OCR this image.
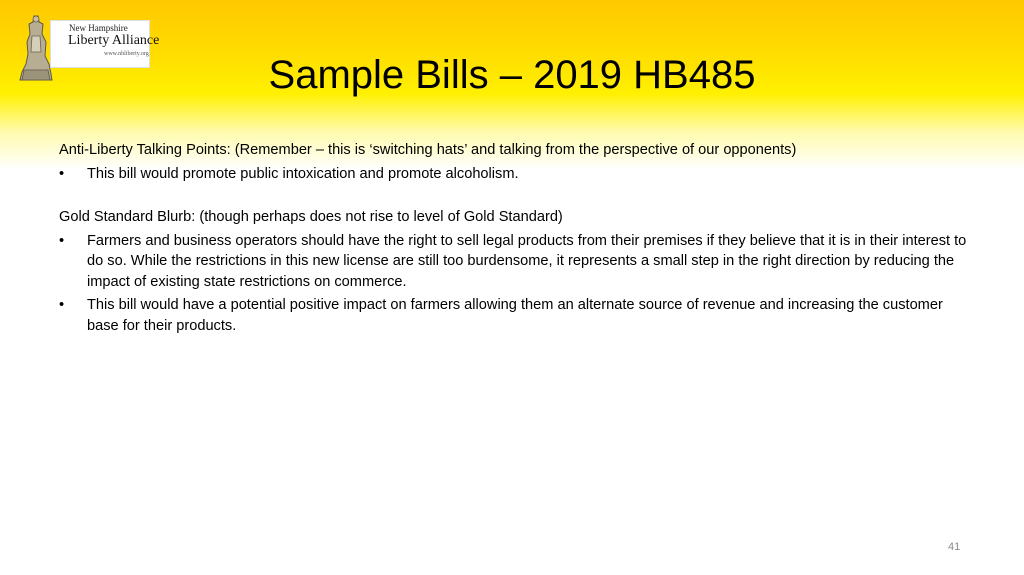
New Hampshire
Liberty Alliance
www.nhliberty.org	Sample Bills – 2019 HB485

Anti-Liberty Talking Points: (Remember – this is ‘switching hats’ and talking from the perspective of our opponents)

• This bill would promote public intoxication and promote alcoholism.

Gold Standard Blurb: (though perhaps does not rise to level of Gold Standard)

• Farmers and business operators should have the right to sell legal products from their premises if they believe that it is in their interest to do so. While the restrictions in this new license are still too burdensome, it represents a small step in the right direction by reducing the impact of existing state restrictions on commerce.
• This bill would have a potential positive impact on farmers allowing them an alternate source of revenue and increasing the customer base for their products.
41
